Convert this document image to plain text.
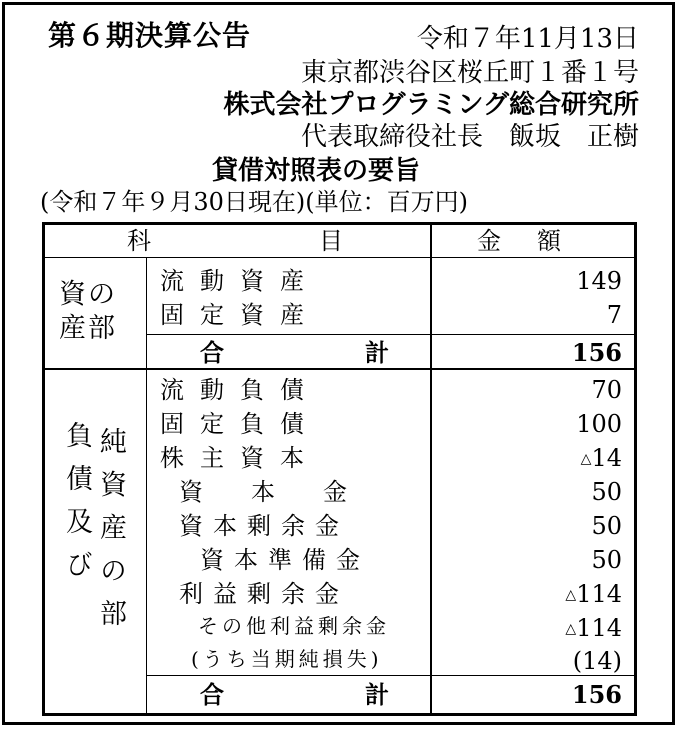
第６期決算公告	令和７年11月13日
東京都渋谷区桜丘町１番１号
株式会社プログラミング総合研究所
代表取締役社長　飯坂　正樹
貸借対照表の要旨
(令和７年９月30日現在)(単位：百万円)
科	目	金　額
資の
産部
流動資産	149
固定資産	7
合	計	156
負債及び 純資産の部
流動負債	70
固定負債	100
株主資本	△14
資　　本　　金	50
資本剰余金	50
資本準備金	50
利益剰余金	△114
その他利益剰余金	△114
(うち当期純損失)	(14)
合	計	156
